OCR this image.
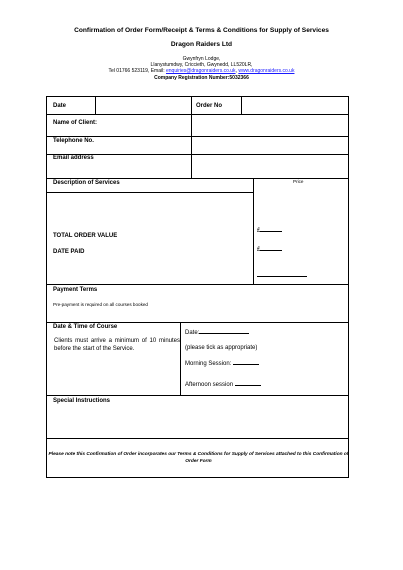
Confirmation of Order Form/Receipt & Terms & Conditions for Supply of Services
Dragon Raiders Ltd
Gwynfryn Lodge,
Llanystumdwy, Criccieth, Gwynedd, LL520LR,
Tel 01766 523119, Email: enquiries@dragonraiders.co.uk, www.dragonraiders.co.uk
Company Registration Number:5032366
Date	Order No
Name of Client:
Telephone No.
Email address
Description of Services	Price
TOTAL ORDER VALUE
DATE PAID
£
£
Payment Terms
Pre-payment is required on all courses booked
Date & Time of Course
Clients must arrive a minimum of 10 minutes before the start of the Service.
Date:
(please tick as appropriate)
Morning Session:
Afternoon session
Special Instructions
Please note this Confirmation of Order incorporates our Terms & Conditions for Supply of Services attached to this Confirmation of Order Form
